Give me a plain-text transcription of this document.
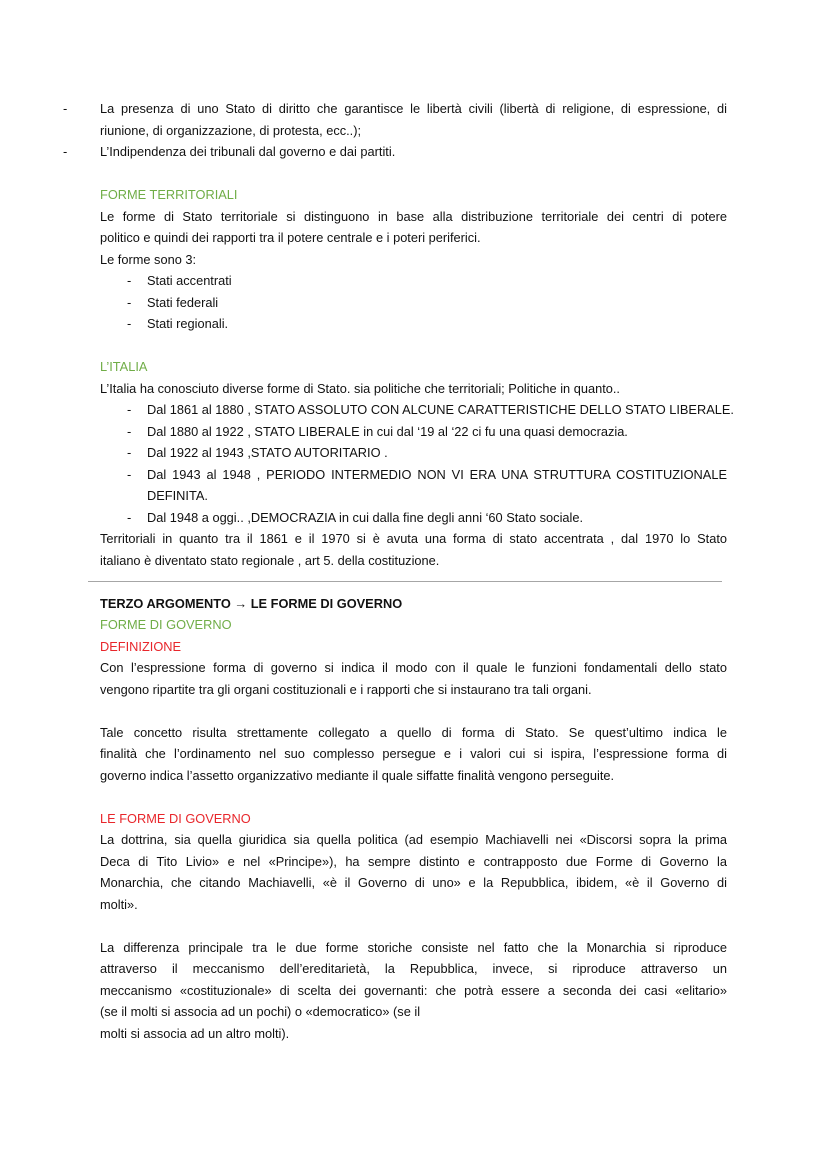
-	La presenza di uno Stato di diritto che garantisce le libertà civili (libertà di religione, di espressione, di
riunione, di organizzazione, di protesta, ecc..);
-	L’Indipendenza dei tribunali dal governo e dai partiti.
FORME TERRITORIALI
Le forme di Stato territoriale si distinguono in base alla distribuzione territoriale dei centri di potere
politico e quindi dei rapporti tra il potere centrale e i poteri periferici.
Le forme sono 3:
- Stati accentrati
- Stati federali
- Stati regionali.
L’ITALIA
L’Italia ha conosciuto diverse forme di Stato. sia politiche che territoriali; Politiche in quanto..
- Dal 1861 al 1880 , STATO ASSOLUTO CON ALCUNE CARATTERISTICHE DELLO STATO LIBERALE.
- Dal 1880 al 1922 , STATO LIBERALE in cui dal ‘19 al ‘22 ci fu una quasi democrazia.
- Dal 1922 al 1943 ,STATO AUTORITARIO .
- Dal 1943 al 1948 , PERIODO INTERMEDIO NON VI ERA UNA STRUTTURA COSTITUZIONALE
DEFINITA.
- Dal 1948 a oggi.. ,DEMOCRAZIA in cui dalla fine degli anni ‘60 Stato sociale.
Territoriali in quanto tra il 1861 e il 1970 si è avuta una forma di stato accentrata , dal 1970 lo Stato
italiano è diventato stato regionale , art 5. della costituzione.
TERZO ARGOMENTO → LE FORME DI GOVERNO
FORME DI GOVERNO
DEFINIZIONE
Con l’espressione forma di governo si indica il modo con il quale le funzioni fondamentali dello stato
vengono ripartite tra gli organi costituzionali e i rapporti che si instaurano tra tali organi.
Tale concetto risulta strettamente collegato a quello di forma di Stato. Se quest’ultimo indica le
finalità che l’ordinamento nel suo complesso persegue e i valori cui si ispira, l’espressione forma di
governo indica l’assetto organizzativo mediante il quale siffatte finalità vengono perseguite.
LE FORME DI GOVERNO
La dottrina, sia quella giuridica sia quella politica (ad esempio Machiavelli nei «Discorsi sopra la prima
Deca di Tito Livio» e nel «Principe»), ha sempre distinto e contrapposto due Forme di Governo la
Monarchia, che citando Machiavelli, «è il Governo di uno» e la Repubblica, ibidem, «è il Governo di
molti».
La differenza principale tra le due forme storiche consiste nel fatto che la Monarchia si riproduce
attraverso il meccanismo dell’ereditarietà, la Repubblica, invece, si riproduce attraverso un
meccanismo «costituzionale» di scelta dei governanti: che potrà essere a seconda dei casi «elitario»
(se il molti si associa ad un pochi) o «democratico» (se il
molti si associa ad un altro molti).
